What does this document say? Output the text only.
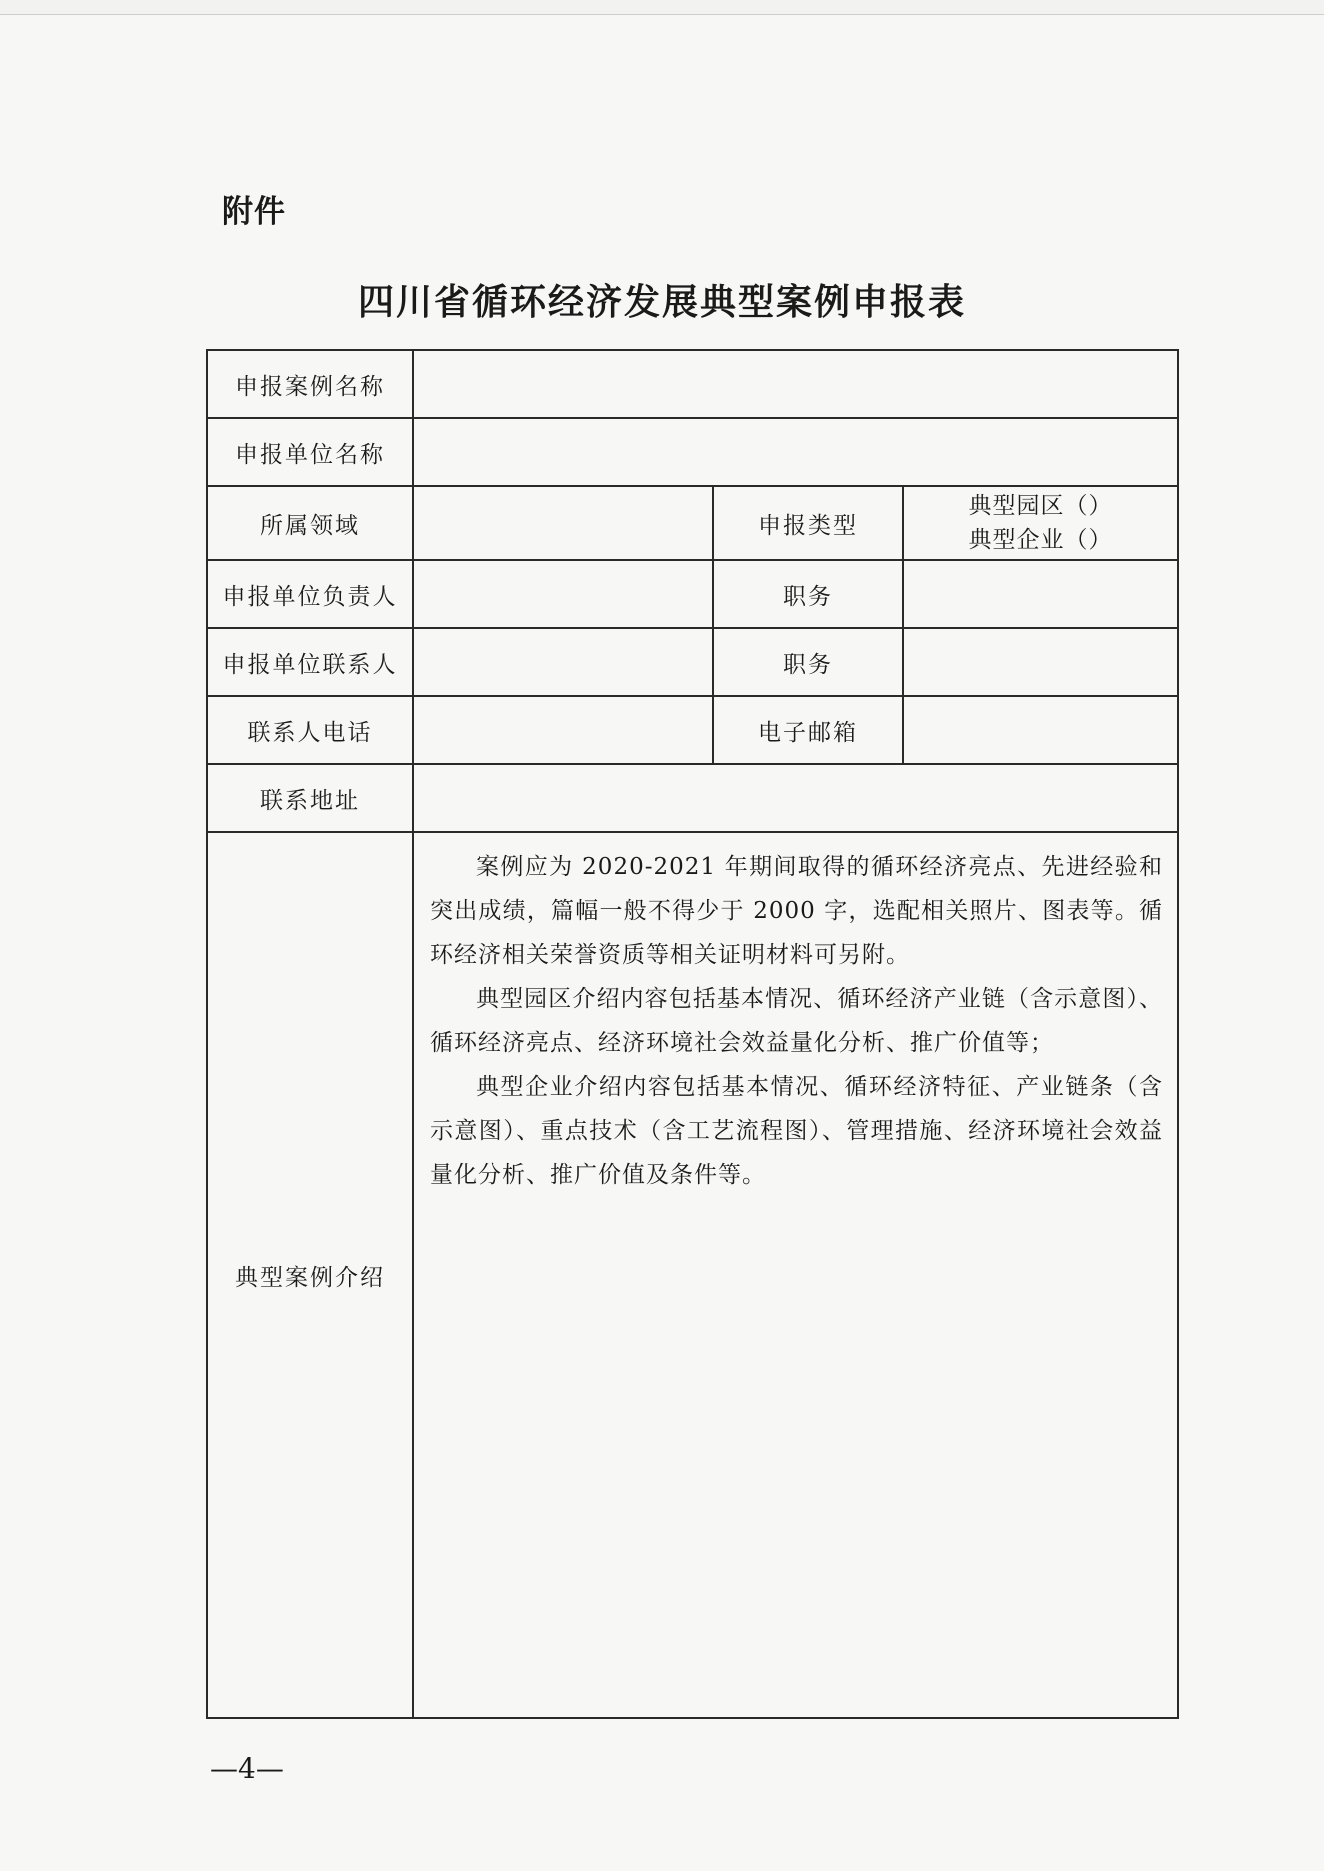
附件
四川省循环经济发展典型案例申报表
申报案例名称			
申报单位名称			
所属领域		申报类型	典型园区（）
典型企业（）

申报单位负责人		职务	
申报单位联系人		职务	
联系人电话		电子邮箱	
联系地址			
典型案例介绍	案例应为 2020-2021 年期间取得的循环经济亮点、先进经验和突出成绩，篇幅一般不得少于 2000 字，选配相关照片、图表等。循环经济相关荣誉资质等相关证明材料可另附。

典型园区介绍内容包括基本情况、循环经济产业链（含示意图）、循环经济亮点、经济环境社会效益量化分析、推广价值等；

典型企业介绍内容包括基本情况、循环经济特征、产业链条（含示意图）、重点技术（含工艺流程图）、管理措施、经济环境社会效益量化分析、推广价值及条件等。		

—4—
